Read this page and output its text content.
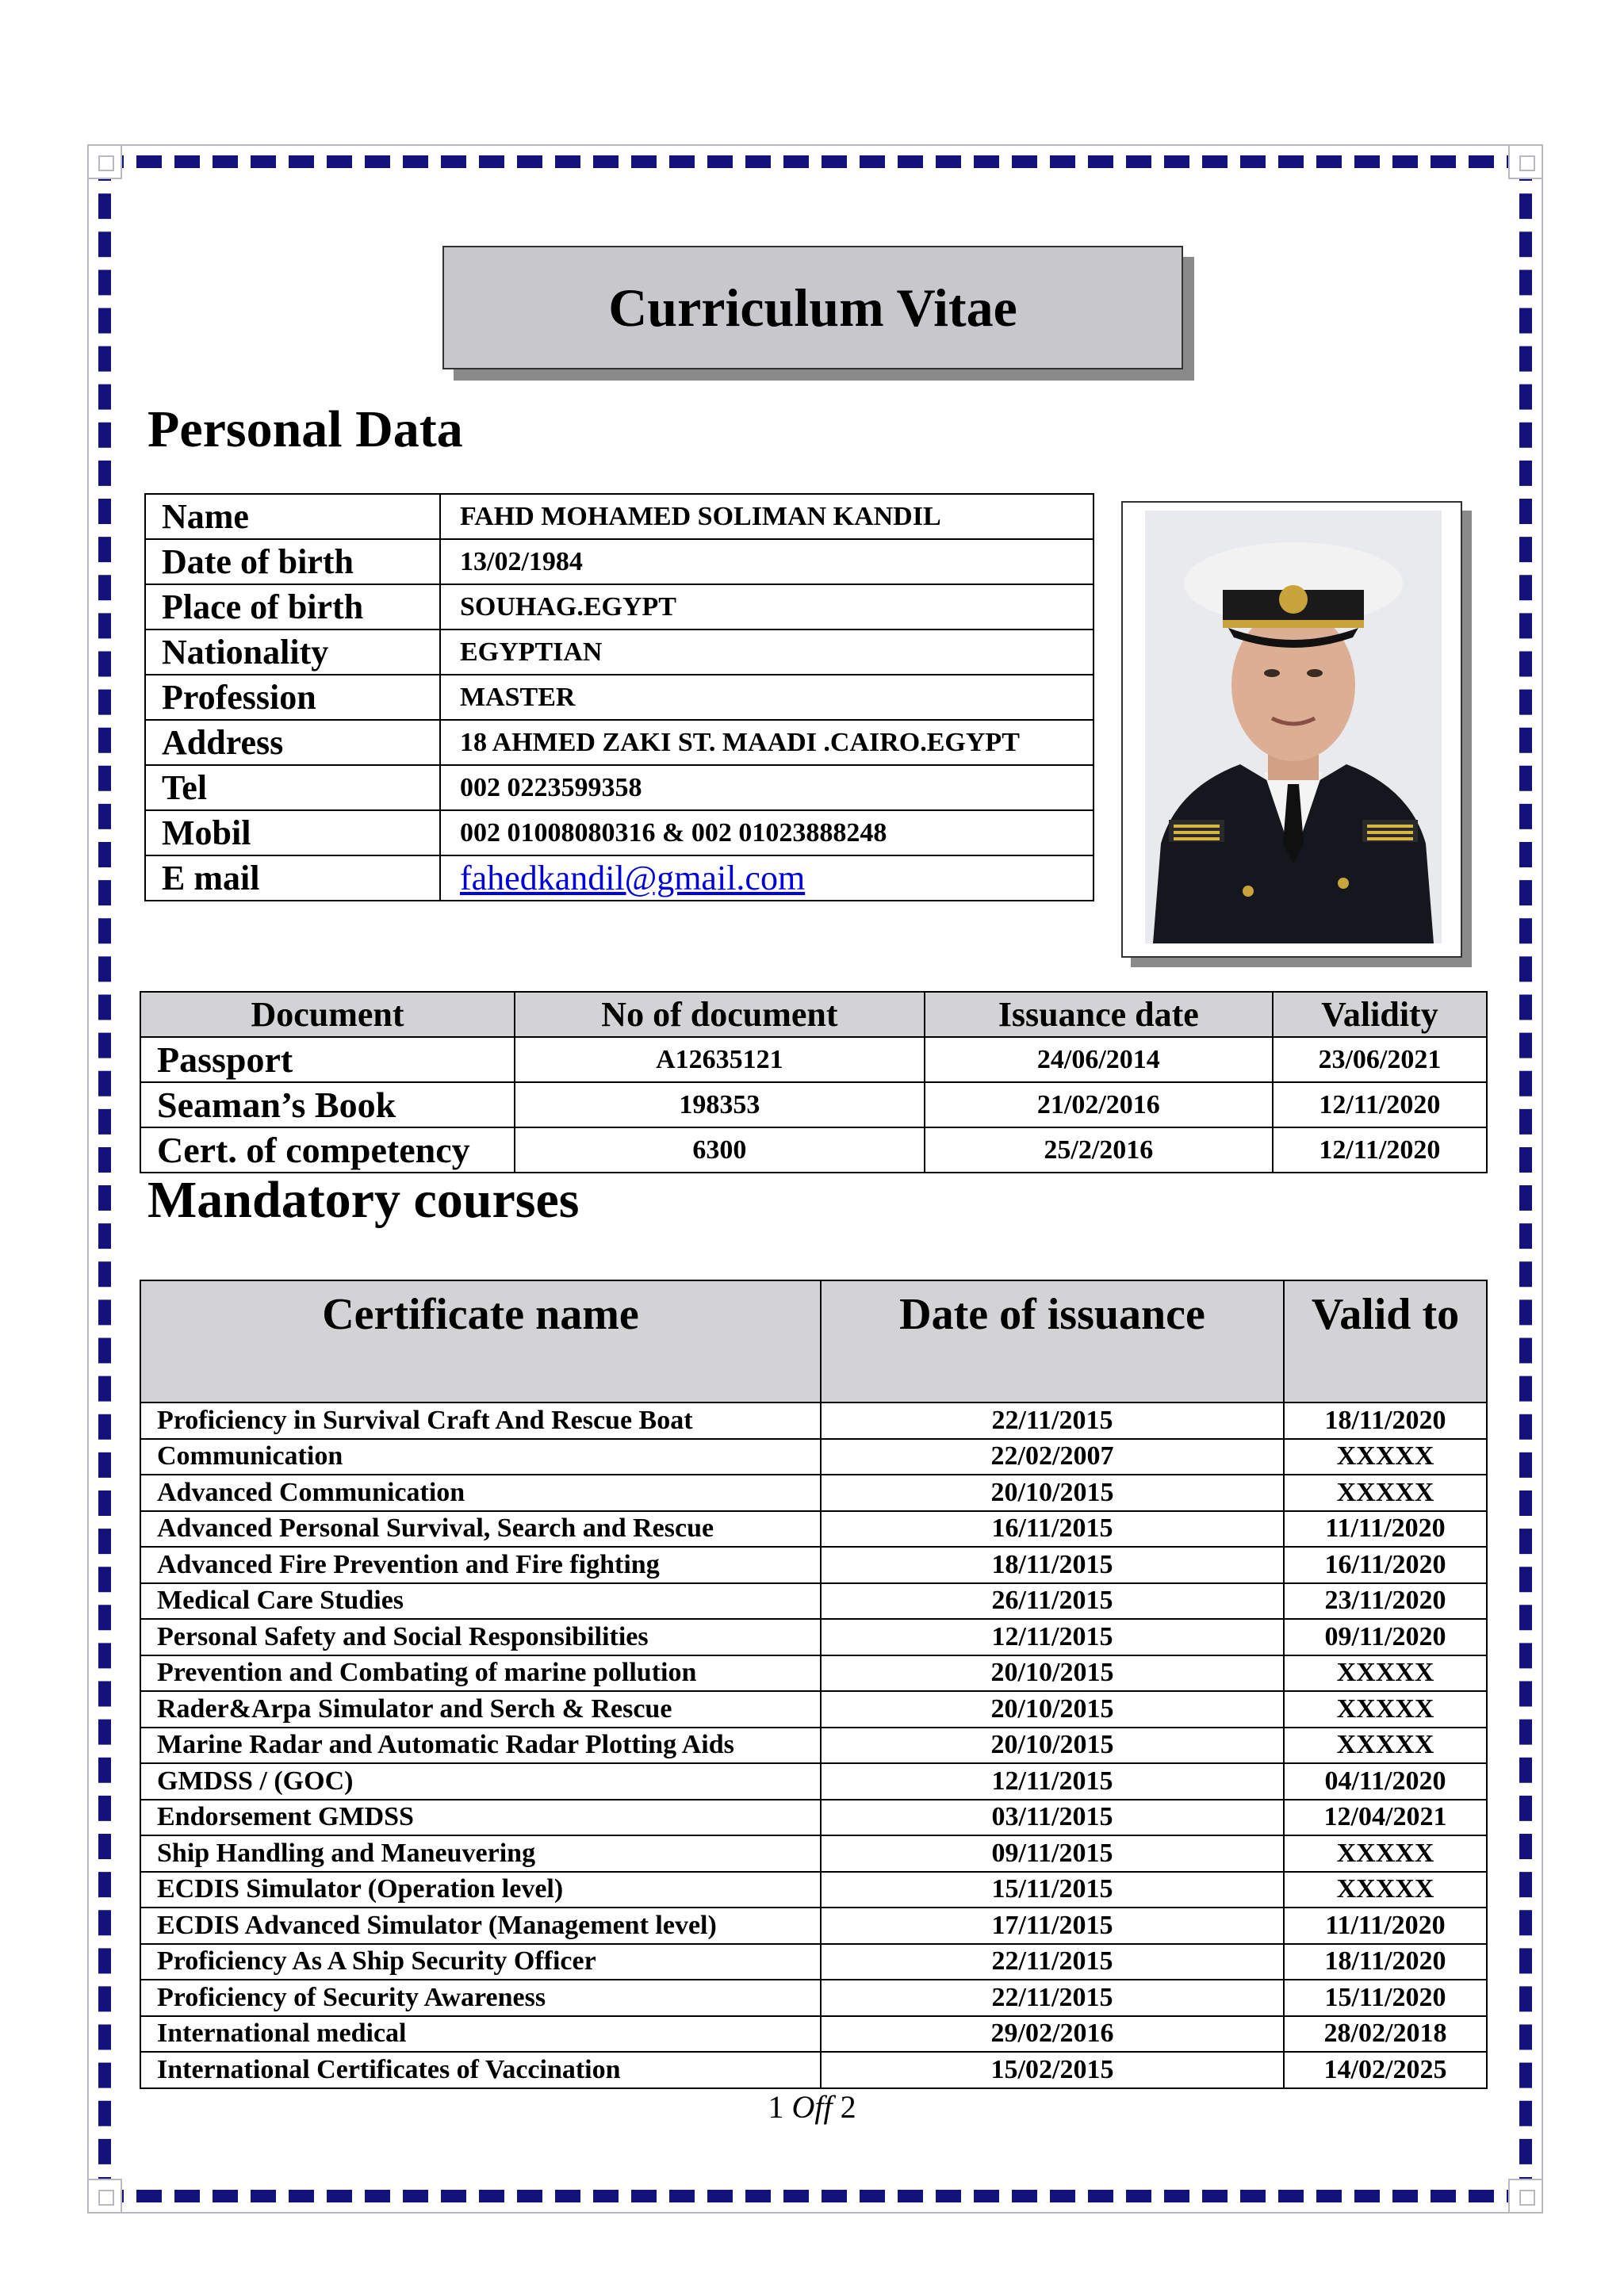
Curriculum Vitae
Personal Data
Name	FAHD MOHAMED SOLIMAN KANDIL
Date of birth	13/02/1984
Place of birth	SOUHAG.EGYPT
Nationality	EGYPTIAN
Profession	MASTER
Address	18 AHMED ZAKI ST. MAADI .CAIRO.EGYPT
Tel	002 0223599358
Mobil	002 01008080316 & 002 01023888248
E mail	fahedkandil@gmail.com
Document	No of document	Issuance date	Validity
Passport	A12635121	24/06/2014	23/06/2021
Seaman’s Book	198353	21/02/2016	12/11/2020
Cert. of competency	6300	25/2/2016	12/11/2020
Mandatory courses
Certificate name	Date of issuance	Valid to
Proficiency in Survival Craft And Rescue Boat	22/11/2015	18/11/2020
Communication	22/02/2007	XXXXX
Advanced Communication	20/10/2015	XXXXX
Advanced Personal Survival, Search and Rescue	16/11/2015	11/11/2020
Advanced Fire Prevention and Fire fighting	18/11/2015	16/11/2020
Medical Care Studies	26/11/2015	23/11/2020
Personal Safety and Social Responsibilities	12/11/2015	09/11/2020
Prevention and Combating of marine pollution	20/10/2015	XXXXX
Rader&Arpa Simulator and Serch & Rescue	20/10/2015	XXXXX
Marine Radar and Automatic Radar Plotting Aids	20/10/2015	XXXXX
GMDSS / (GOC)	12/11/2015	04/11/2020
Endorsement GMDSS	03/11/2015	12/04/2021
Ship Handling and Maneuvering	09/11/2015	XXXXX
ECDIS Simulator (Operation level)	15/11/2015	XXXXX
ECDIS Advanced Simulator (Management level)	17/11/2015	11/11/2020
Proficiency As A Ship Security Officer	22/11/2015	18/11/2020
Proficiency of Security Awareness	22/11/2015	15/11/2020
International medical	29/02/2016	28/02/2018
International Certificates of Vaccination	15/02/2015	14/02/2025
1 Off 2
